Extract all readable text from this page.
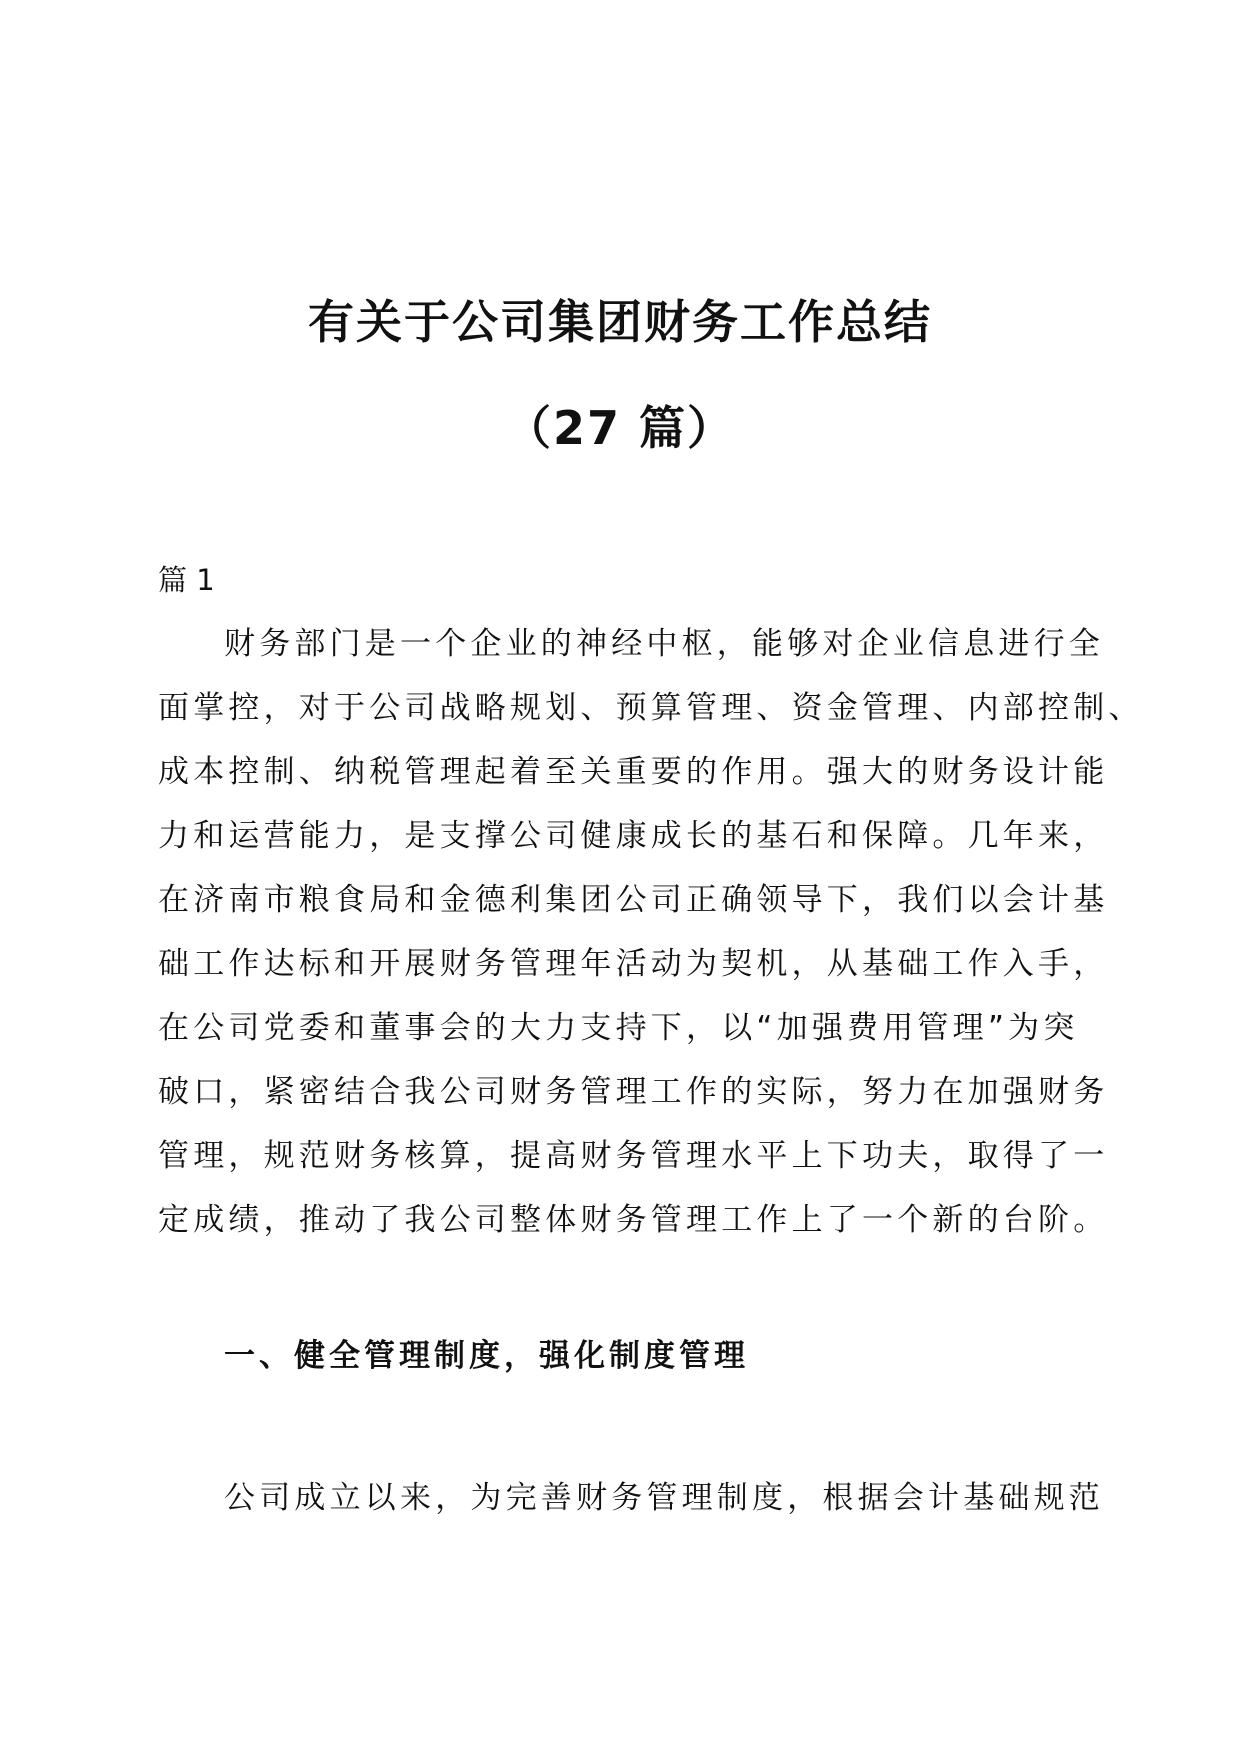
有关于公司集团财务工作总结
（27 篇）

篇 1

财务部门是一个企业的神经中枢，能够对企业信息进行全
面掌控，对于公司战略规划、预算管理、资金管理、内部控制、
成本控制、纳税管理起着至关重要的作用。强大的财务设计能
力和运营能力，是支撑公司健康成长的基石和保障。几年来，
在济南市粮食局和金德利集团公司正确领导下，我们以会计基
础工作达标和开展财务管理年活动为契机，从基础工作入手，
在公司党委和董事会的大力支持下，以“加强费用管理”为突
破口，紧密结合我公司财务管理工作的实际，努力在加强财务
管理，规范财务核算，提高财务管理水平上下功夫，取得了一
定成绩，推动了我公司整体财务管理工作上了一个新的台阶。

一、健全管理制度，强化制度管理

公司成立以来，为完善财务管理制度，根据会计基础规范
